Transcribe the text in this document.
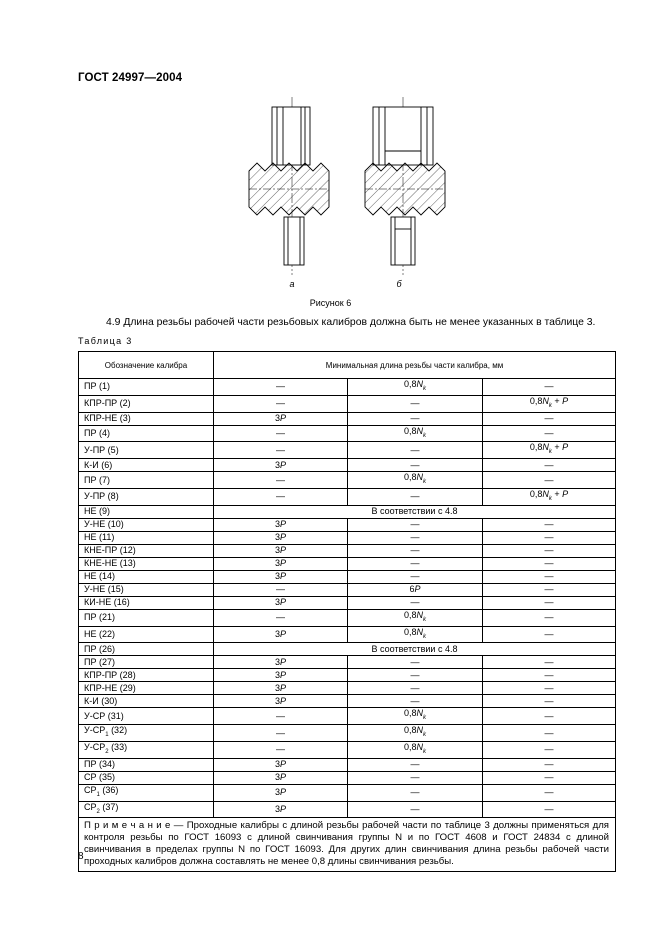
ГОСТ 24997—2004
а	б
Рисунок 6
4.9 Длина резьбы рабочей части резьбовых калибров должна быть не менее указанных в таблице 3.
Таблица 3
Обозначение калибра	Минимальная длина резьбы части калибра, мм		
ПР (1)	—	$0,8N_k$	—
КПР-ПР (2)	—	—	$0,8N_k + P$
КПР-НЕ (3)	3P	—	—
ПР (4)	—	$0,8N_k$	—
У-ПР (5)	—	—	$0,8N_k + P$
К-И (6)	3P	—	—
ПР (7)	—	$0,8N_k$	—
У-ПР (8)	—	—	$0,8N_k + P$
НЕ (9)	В соответствии с 4.8		
У-НЕ (10)	3P	—	—
НЕ (11)	3P	—	—
КНЕ-ПР (12)	3P	—	—
КНЕ-НЕ (13)	3P	—	—
НЕ (14)	3P	—	—
У-НЕ (15)	—	6P	—
КИ-НЕ (16)	3P	—	—
ПР (21)	—	$0,8N_k$	—
НЕ (22)	3P	$0,8N_k$	—
ПР (26)	В соответствии с 4.8		
ПР (27)	3P	—	—
КПР-ПР (28)	3P	—	—
КПР-НЕ (29)	3P	—	—
К-И (30)	3P	—	—
У-СР (31)	—	$0,8N_k$	—
$У-СР_1$ (32)	—	$0,8N_k$	—
$У-СР_2$ (33)	—	$0,8N_k$	—
ПР (34)	3P	—	—
СР (35)	3P	—	—
$СР_1$ (36)	3P	—	—
$СР_2$ (37)	3P	—	—
П р и м е ч а н и е — Проходные калибры с длиной резьбы рабочей части по таблице 3 должны применяться для контроля резьбы по ГОСТ 16093 с длиной свинчивания группы N и по ГОСТ 4608 и ГОСТ 24834 с длиной свинчивания в пределах группы N по ГОСТ 16093. Для других длин свинчивания длина резьбы рабочей части проходных калибров должна составлять не менее 0,8 длины свинчивания резьбы.			
8
